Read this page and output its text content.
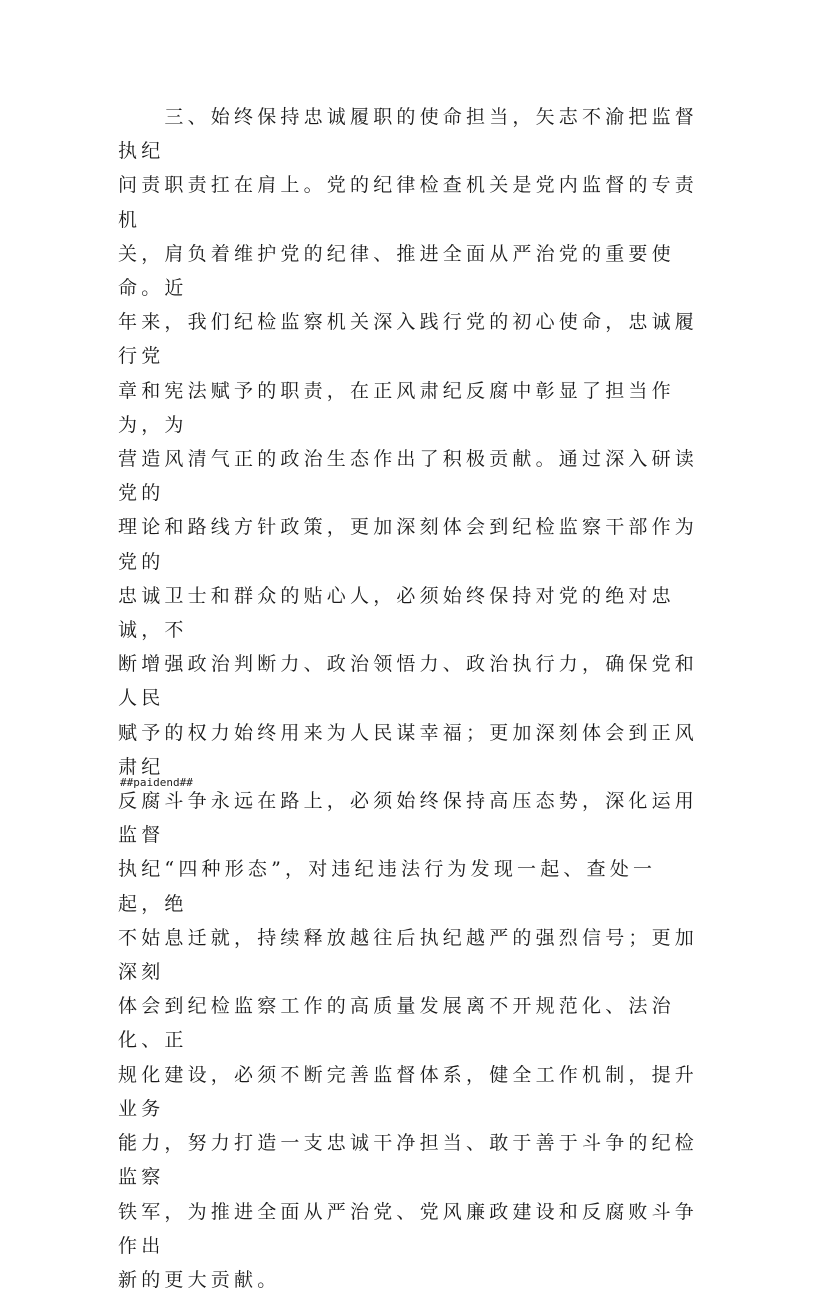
　　三、始终保持忠诚履职的使命担当，矢志不渝把监督执纪
问责职责扛在肩上。党的纪律检查机关是党内监督的专责机
关，肩负着维护党的纪律、推进全面从严治党的重要使命。近
年来，我们纪检监察机关深入践行党的初心使命，忠诚履行党
章和宪法赋予的职责，在正风肃纪反腐中彰显了担当作为，为
营造风清气正的政治生态作出了积极贡献。通过深入研读党的
理论和路线方针政策，更加深刻体会到纪检监察干部作为党的
忠诚卫士和群众的贴心人，必须始终保持对党的绝对忠诚，不
断增强政治判断力、政治领悟力、政治执行力，确保党和人民
赋予的权力始终用来为人民谋幸福；更加深刻体会到正风肃纪
反腐斗争永远在路上，必须始终保持高压态势，深化运用监督
执纪“四种形态”，对违纪违法行为发现一起、查处一起，绝
不姑息迁就，持续释放越往后执纪越严的强烈信号；更加深刻
体会到纪检监察工作的高质量发展离不开规范化、法治化、正
规化建设，必须不断完善监督体系，健全工作机制，提升业务
能力，努力打造一支忠诚干净担当、敢于善于斗争的纪检监察
铁军，为推进全面从严治党、党风廉政建设和反腐败斗争作出
新的更大贡献。

##paidend##
